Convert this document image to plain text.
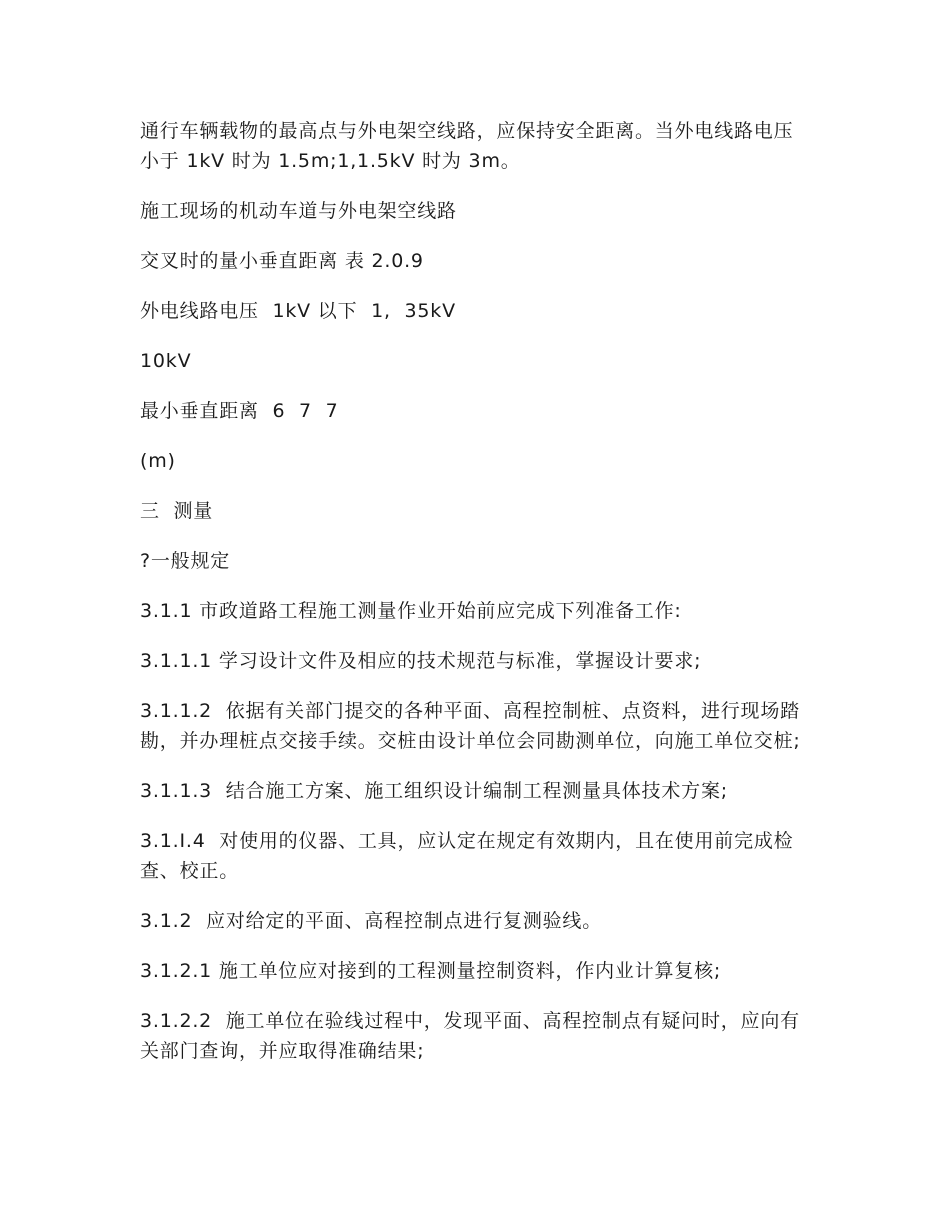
通行车辆载物的最高点与外电架空线路，应保持安全距离。当外电线路电压小于 1kV 时为 1.5m;1,1.5kV 时为 3m。

施工现场的机动车道与外电架空线路

交叉时的量小垂直距离 表 2.0.9

外电线路电压  1kV 以下  1,  35kV

10kV

最小垂直距离  6  7  7

(m)

三  测量

?一般规定

3.1.1 市政道路工程施工测量作业开始前应完成下列准备工作:

3.1.1.1 学习设计文件及相应的技术规范与标准，掌握设计要求;

3.1.1.2  依据有关部门提交的各种平面、高程控制桩、点资料，进行现场踏勘，并办理桩点交接手续。交桩由设计单位会同勘测单位，向施工单位交桩;

3.1.1.3  结合施工方案、施工组织设计编制工程测量具体技术方案;

3.1.I.4  对使用的仪器、工具，应认定在规定有效期内，且在使用前完成检查、校正。

3.1.2  应对给定的平面、高程控制点进行复测验线。

3.1.2.1 施工单位应对接到的工程测量控制资料，作内业计算复核;

3.1.2.2  施工单位在验线过程中，发现平面、高程控制点有疑问时，应向有关部门查询，并应取得准确结果;
